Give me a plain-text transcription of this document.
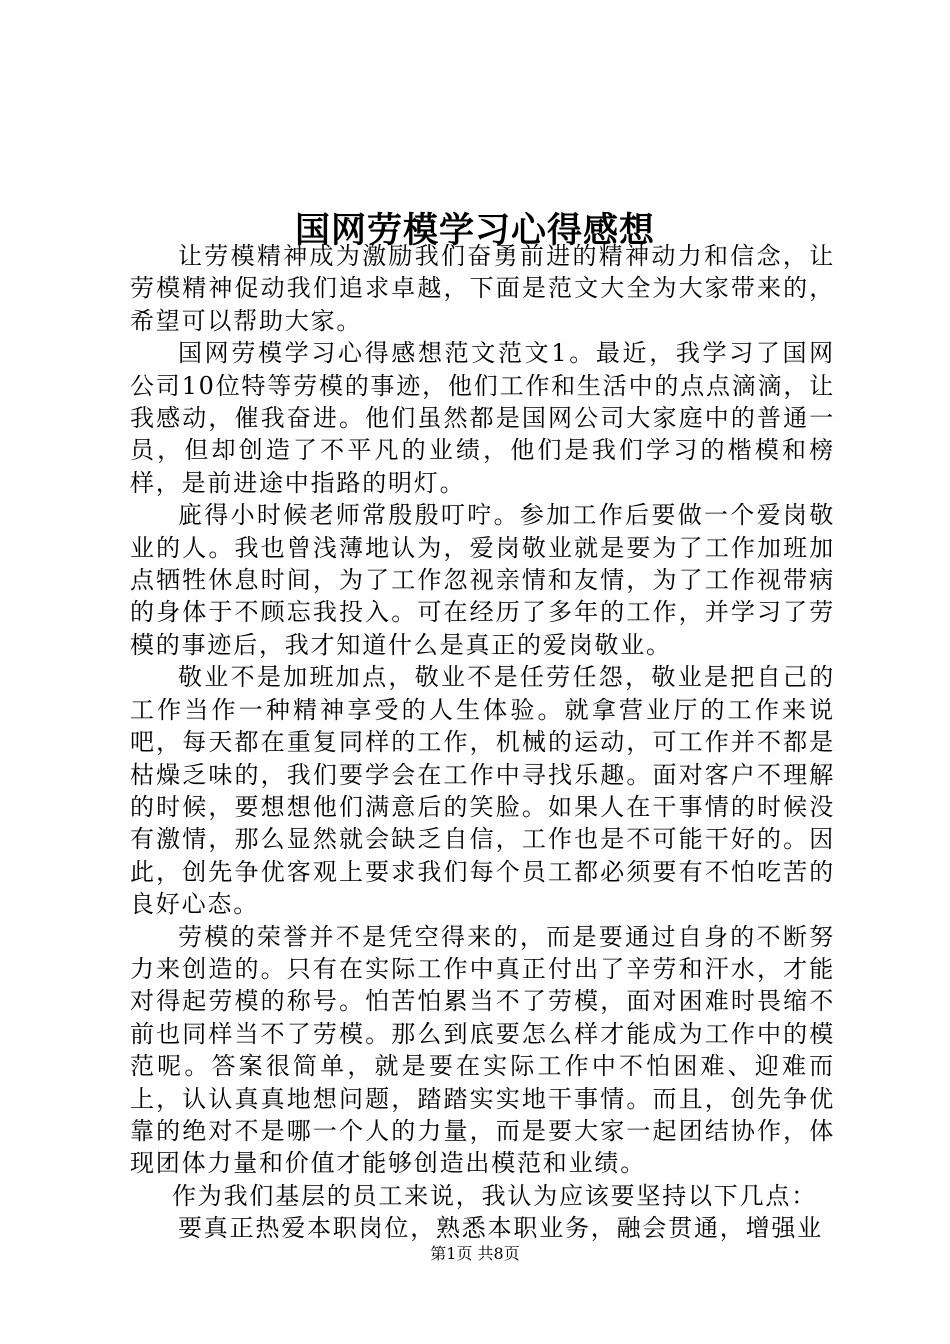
国网劳模学习心得感想

让劳模精神成为激励我们奋勇前进的精神动力和信念，让劳模精神促动我们追求卓越，下面是范文大全为大家带来的，希望可以帮助大家。

国网劳模学习心得感想范文范文1。最近，我学习了国网公司10位特等劳模的事迹，他们工作和生活中的点点滴滴，让我感动，催我奋进。他们虽然都是国网公司大家庭中的普通一员，但却创造了不平凡的业绩，他们是我们学习的楷模和榜样，是前进途中指路的明灯。

庛得小时候老师常殷殷叮咛。参加工作后要做一个爱岗敬业的人。我也曾浅薄地认为，爱岗敬业就是要为了工作加班加点牺牲休息时间，为了工作忽视亲情和友情，为了工作视带病的身体于不顾忘我投入。可在经历了多年的工作，并学习了劳模的事迹后，我才知道什么是真正的爱岗敬业。

敬业不是加班加点，敬业不是任劳任怨，敬业是把自己的工作当作一种精神享受的人生体验。就拿营业厅的工作来说吧，每天都在重复同样的工作，机械的运动，可工作并不都是枯燥乏味的，我们要学会在工作中寻找乐趣。面对客户不理解的时候，要想想他们满意后的笑脸。如果人在干事情的时候没有激情，那么显然就会缺乏自信，工作也是不可能干好的。因此，创先争优客观上要求我们每个员工都必须要有不怕吃苦的良好心态。

劳模的荣誉并不是凭空得来的，而是要通过自身的不断努力来创造的。只有在实际工作中真正付出了辛劳和汗水，才能对得起劳模的称号。怕苦怕累当不了劳模，面对困难时畏缩不前也同样当不了劳模。那么到底要怎么样才能成为工作中的模范呢。答案很简单，就是要在实际工作中不怕困难、迎难而上，认认真真地想问题，踏踏实实地干事情。而且，创先争优靠的绝对不是哪一个人的力量，而是要大家一起团结协作，体现团体力量和价值才能够创造出模范和业绩。

作为我们基层的员工来说，我认为应该要坚持以下几点：

要真正热爱本职岗位，熟悉本职业务，融会贯通，增强业

第1页 共8页
